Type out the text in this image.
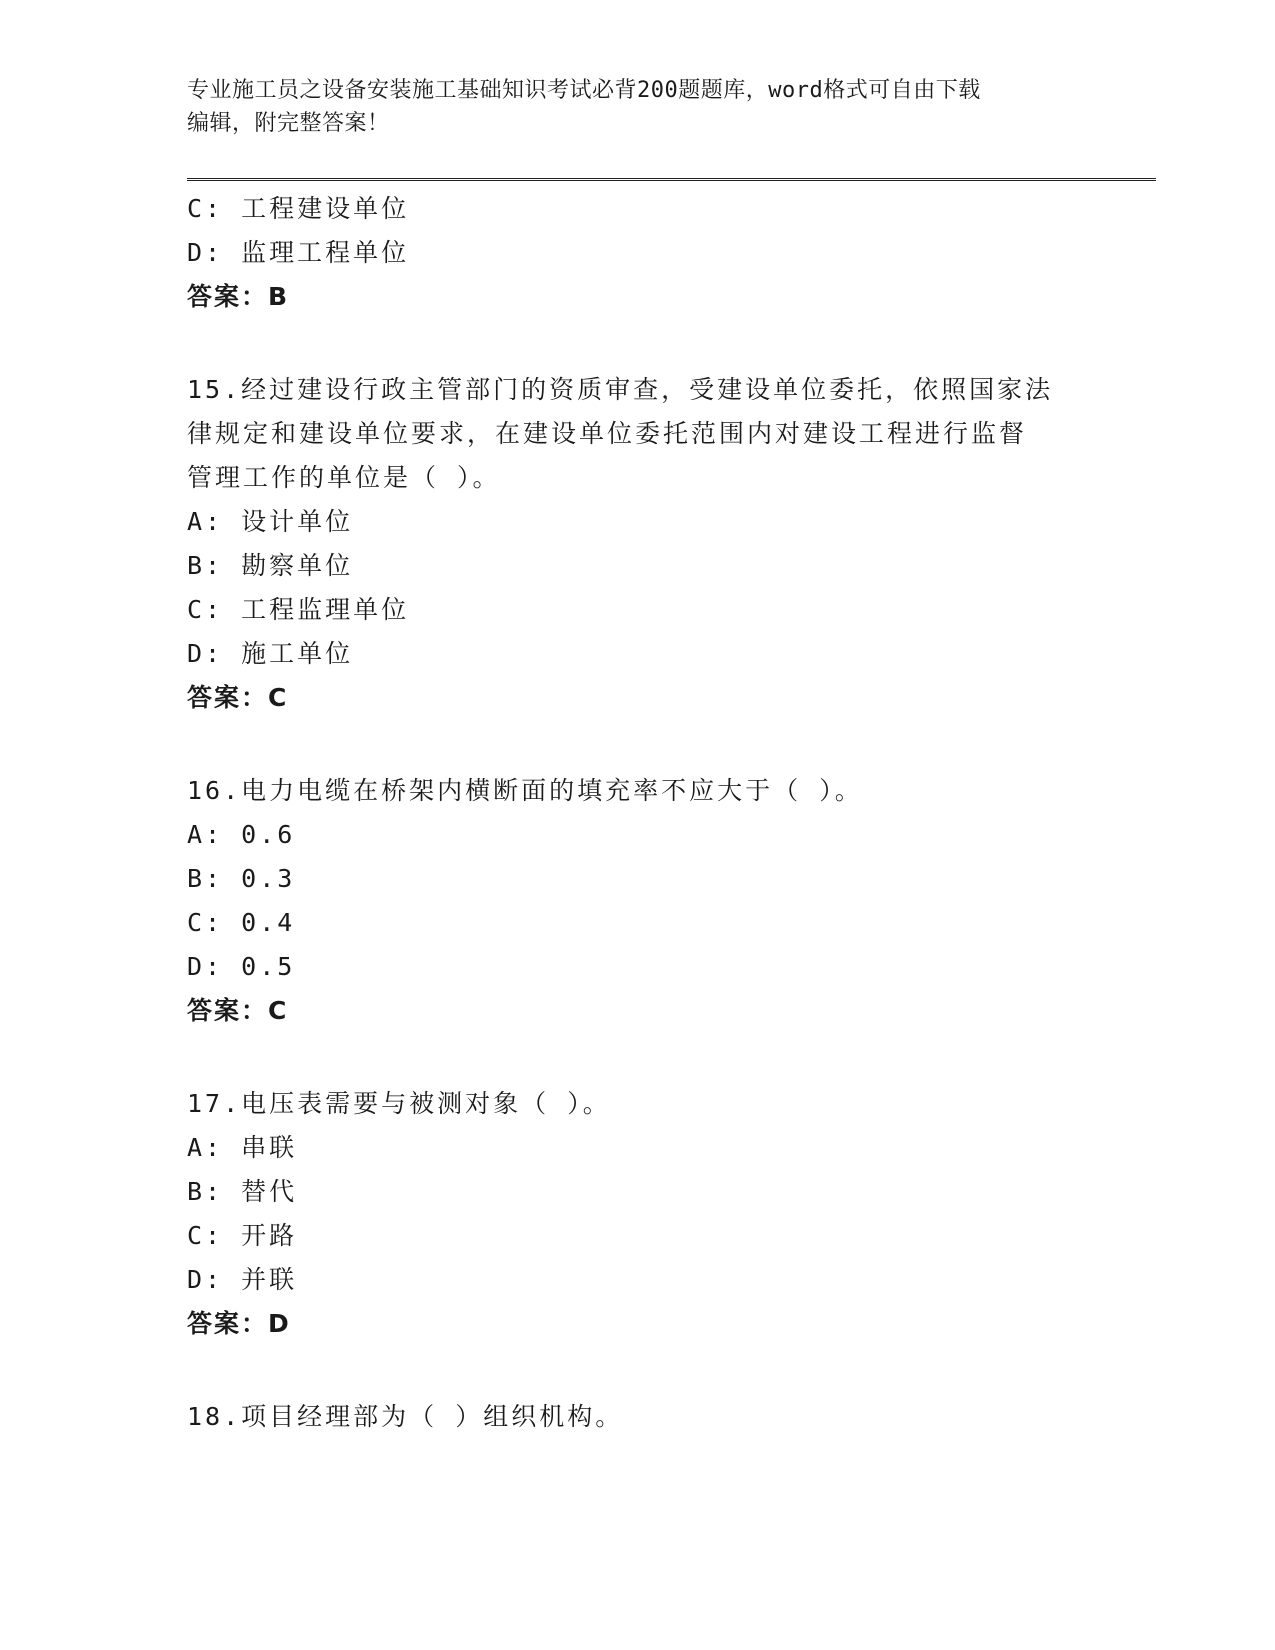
专业施工员之设备安装施工基础知识考试必背200题题库，word格式可自由下载
编辑，附完整答案！
C: 工程建设单位
D: 监理工程单位
答案：B
15.经过建设行政主管部门的资质审查，受建设单位委托，依照国家法
律规定和建设单位要求，在建设单位委托范围内对建设工程进行监督
管理工作的单位是（ ）。
A: 设计单位
B: 勘察单位
C: 工程监理单位
D: 施工单位
答案：C
16.电力电缆在桥架内横断面的填充率不应大于（ ）。
A: 0.6
B: 0.3
C: 0.4
D: 0.5
答案：C
17.电压表需要与被测对象（ ）。
A: 串联
B: 替代
C: 开路
D: 并联
答案：D
18.项目经理部为（ ）组织机构。
